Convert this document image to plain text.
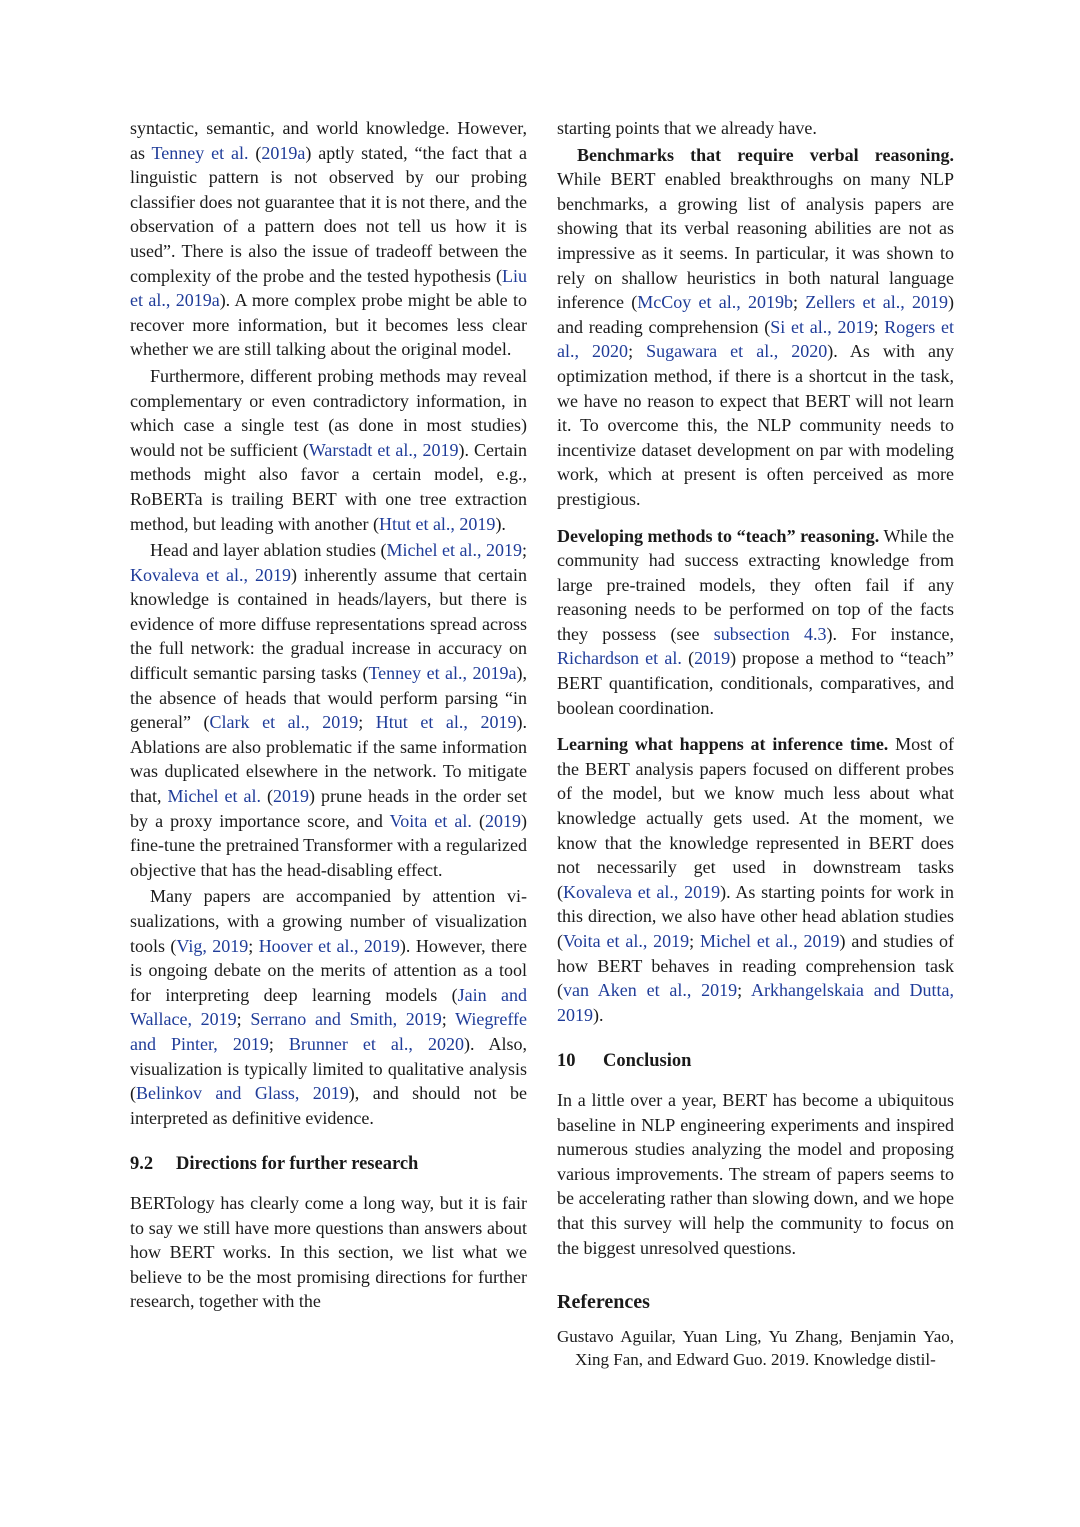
syntactic, semantic, and world knowledge. However, as Tenney et al. (2019a) aptly stated, “the fact that a linguistic pattern is not observed by our probing classifier does not guarantee that it is not there, and the observation of a pattern does not tell us how it is used”. There is also the issue of tradeoff between the complexity of the probe and the tested hypothesis (Liu et al., 2019a). A more complex probe might be able to recover more information, but it becomes less clear whether we are still talking about the original model.

Furthermore, different probing methods may reveal complementary or even contradictory information, in which case a single test (as done in most studies) would not be sufficient (Warstadt et al., 2019). Certain methods might also favor a certain model, e.g., RoBERTa is trailing BERT with one tree extraction method, but leading with another (Htut et al., 2019).

Head and layer ablation studies (Michel et al., 2019; Kovaleva et al., 2019) inherently assume that certain knowledge is contained in heads/layers, but there is evidence of more diffuse representations spread across the full network: the gradual increase in accuracy on difficult semantic parsing tasks (Tenney et al., 2019a), the absence of heads that would perform parsing “in general” (Clark et al., 2019; Htut et al., 2019). Ablations are also problematic if the same information was duplicated elsewhere in the network. To mitigate that, Michel et al. (2019) prune heads in the order set by a proxy importance score, and Voita et al. (2019) fine-tune the pretrained Transformer with a regularized objective that has the head-disabling effect.

Many papers are accompanied by attention visualizations, with a growing number of visualization tools (Vig, 2019; Hoover et al., 2019). However, there is ongoing debate on the merits of attention as a tool for interpreting deep learning models (Jain and Wallace, 2019; Serrano and Smith, 2019; Wiegreffe and Pinter, 2019; Brunner et al., 2020). Also, visualization is typically limited to qualitative analysis (Belinkov and Glass, 2019), and should not be interpreted as definitive evidence.

9.2 Directions for further research

BERTology has clearly come a long way, but it is fair to say we still have more questions than answers about how BERT works. In this section, we list what we believe to be the most promising directions for further research, together with the

starting points that we already have.

Benchmarks that require verbal reasoning. While BERT enabled breakthroughs on many NLP benchmarks, a growing list of analysis papers are showing that its verbal reasoning abilities are not as impressive as it seems. In particular, it was shown to rely on shallow heuristics in both natural language inference (McCoy et al., 2019b; Zellers et al., 2019) and reading comprehension (Si et al., 2019; Rogers et al., 2020; Sugawara et al., 2020). As with any optimization method, if there is a shortcut in the task, we have no reason to expect that BERT will not learn it. To overcome this, the NLP community needs to incentivize dataset development on par with modeling work, which at present is often perceived as more prestigious.

Developing methods to “teach” reasoning. While the community had success extracting knowledge from large pre-trained models, they often fail if any reasoning needs to be performed on top of the facts they possess (see subsection 4.3). For instance, Richardson et al. (2019) propose a method to “teach” BERT quantification, conditionals, comparatives, and boolean coordination.

Learning what happens at inference time. Most of the BERT analysis papers focused on different probes of the model, but we know much less about what knowledge actually gets used. At the moment, we know that the knowledge represented in BERT does not necessarily get used in downstream tasks (Kovaleva et al., 2019). As starting points for work in this direction, we also have other head ablation studies (Voita et al., 2019; Michel et al., 2019) and studies of how BERT behaves in reading comprehension task (van Aken et al., 2019; Arkhangelskaia and Dutta, 2019).

10 Conclusion

In a little over a year, BERT has become a ubiquitous baseline in NLP engineering experiments and inspired numerous studies analyzing the model and proposing various improvements. The stream of papers seems to be accelerating rather than slowing down, and we hope that this survey will help the community to focus on the biggest unresolved questions.

References

Gustavo Aguilar, Yuan Ling, Yu Zhang, Benjamin Yao, Xing Fan, and Edward Guo. 2019. Knowledge distil-
